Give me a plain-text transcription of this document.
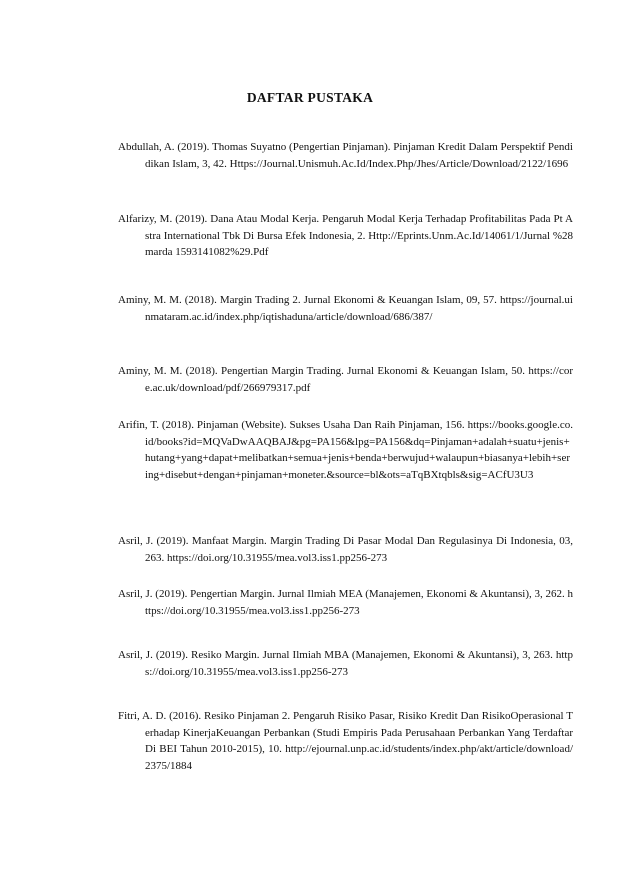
DAFTAR PUSTAKA

Abdullah, A. (2019). Thomas Suyatno (Pengertian Pinjaman). Pinjaman Kredit Dalam Perspektif Pendidikan Islam, 3, 42. Https://Journal.Unismuh.Ac.Id/Index.Php/Jhes/Article/Download/2122/1696

Alfarizy, M. (2019). Dana Atau Modal Kerja. Pengaruh Modal Kerja Terhadap Profitabilitas Pada Pt Astra International Tbk Di Bursa Efek Indonesia, 2. Http://Eprints.Unm.Ac.Id/14061/1/Jurnal %28marda 1593141082%29.Pdf

Aminy, M. M. (2018). Margin Trading 2. Jurnal Ekonomi & Keuangan Islam, 09, 57. https://journal.uinmataram.ac.id/index.php/iqtishaduna/article/download/686/387/

Aminy, M. M. (2018). Pengertian Margin Trading. Jurnal Ekonomi & Keuangan Islam, 50. https://core.ac.uk/download/pdf/266979317.pdf

Arifin, T. (2018). Pinjaman (Website). Sukses Usaha Dan Raih Pinjaman, 156. https://books.google.co.id/books?id=MQVaDwAAQBAJ&pg=PA156&lpg=PA156&dq=Pinjaman+adalah+suatu+jenis+hutang+yang+dapat+melibatkan+semua+jenis+benda+berwujud+walaupun+biasanya+lebih+sering+disebut+dengan+pinjaman+moneter.&source=bl&ots=aTqBXtqbls&sig=ACfU3U3

Asril, J. (2019). Manfaat Margin. Margin Trading Di Pasar Modal Dan Regulasinya Di Indonesia, 03, 263. https://doi.org/10.31955/mea.vol3.iss1.pp256-273

Asril, J. (2019). Pengertian Margin. Jurnal Ilmiah MEA (Manajemen, Ekonomi & Akuntansi), 3, 262. https://doi.org/10.31955/mea.vol3.iss1.pp256-273

Asril, J. (2019). Resiko Margin. Jurnal Ilmiah MBA (Manajemen, Ekonomi & Akuntansi), 3, 263. https://doi.org/10.31955/mea.vol3.iss1.pp256-273

Fitri, A. D. (2016). Resiko Pinjaman 2. Pengaruh Risiko Pasar, Risiko Kredit Dan RisikoOperasional Terhadap KinerjaKeuangan Perbankan (Studi Empiris Pada Perusahaan Perbankan Yang Terdaftar Di BEI Tahun 2010-2015), 10. http://ejournal.unp.ac.id/students/index.php/akt/article/download/2375/1884
